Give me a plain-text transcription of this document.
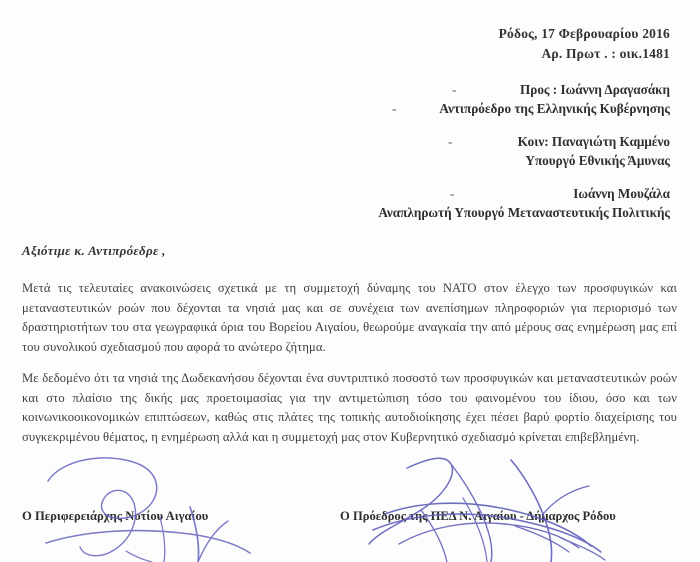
Ρόδος, 17 Φεβρουαρίου 2016
Αρ. Πρωτ . : οικ.1481
-	Προς : Ιωάννη Δραγασάκη
-	Αντιπρόεδρο της Ελληνικής Κυβέρνησης
-	Κοιν: Παναγιώτη Καμμένο
Υπουργό Εθνικής Άμυνας
-	Ιωάννη Μουζάλα
Αναπληρωτή Υπουργό Μεταναστευτικής Πολιτικής
Αξιότιμε κ. Αντιπρόεδρε ,
Μετά τις τελευταίες ανακοινώσεις σχετικά με τη συμμετοχή δύναμης του ΝΑΤΟ στον έλεγχο των προσφυγικών και μεταναστευτικών ροών που δέχονται τα νησιά μας και σε συνέχεια των ανεπίσημων πληροφοριών για περιορισμό των δραστηριοτήτων του στα γεωγραφικά όρια του Βορείου Αιγαίου, θεωρούμε αναγκαία την από μέρους σας ενημέρωση μας επί του συνολικού σχεδιασμού που αφορά το ανώτερο ζήτημα.
Με δεδομένο ότι τα νησιά της Δωδεκανήσου δέχονται ένα συντριπτικό ποσοστό των προσφυγικών και μεταναστευτικών ροών και στο πλαίσιο της δικής μας προετοιμασίας για την αντιμετώπιση τόσο του φαινομένου του ίδιου, όσο και των κοινωνικοοικονομικών επιπτώσεων, καθώς στις πλάτες της τοπικής αυτοδιοίκησης έχει πέσει βαρύ φορτίο διαχείρισης του συγκεκριμένου θέματος, η ενημέρωση αλλά και η συμμετοχή μας στον Κυβερνητικό σχεδιασμό κρίνεται επιβεβλημένη.
Ο Περιφερειάρχης Νοτίου Αιγαίου	Ο Πρόεδρος της ΠΕΔ Ν. Αιγαίου - Δήμαρχος Ρόδου
